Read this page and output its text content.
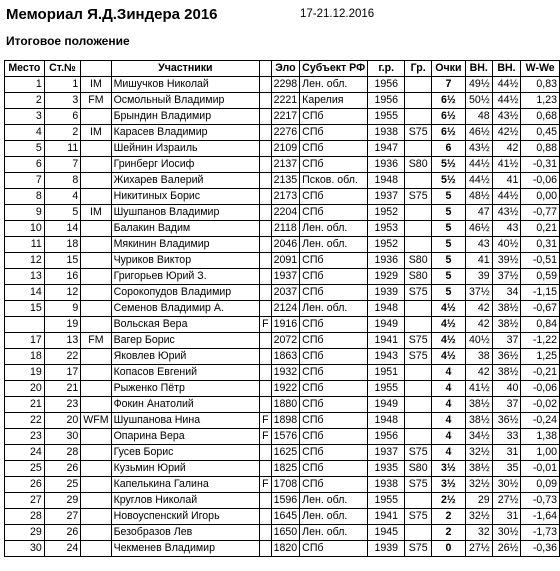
Мемориал Я.Д.Зиндера 2016	17-21.12.2016
Итоговое положение
Место	Ст.№		Участники		Эло	Субъект РФ	г.р.	Гр.	Очки	ВН.	ВН.	W-We
1	1	IM	Мишучков Николай		2298	Лен. обл.	1956		7	49½	44½	0,83
2	3	FM	Осмольный Владимир		2221	Карелия	1956		6½	50½	44½	1,23
3	6		Брындин Владимир		2217	СПб	1955		6½	48	43½	0,68
4	2	IM	Карасев Владимир		2276	СПб	1938	S75	6½	46½	42½	0,45
5	11		Шейнин Израиль		2109	СПб	1947		6	43½	42	0,88
6	7		Гринберг Иосиф		2137	СПб	1936	S80	5½	44½	41½	-0,31
7	8		Жихарев Валерий		2135	Псков. обл.	1948		5½	44½	41	-0,06
8	4		Никитиных Борис		2173	СПб	1937	S75	5	48½	44½	0,00
9	5	IM	Шушпанов Владимир		2204	СПб	1952		5	47	43½	-0,77
10	14		Балакин Вадим		2118	Лен. обл.	1953		5	46½	43	0,21
11	18		Мякинин Владимир		2046	Лен. обл.	1952		5	43	40½	0,31
12	15		Чуриков Виктор		2091	СПб	1936	S80	5	41	39½	-0,51
13	16		Григорьев Юрий З.		1937	СПб	1929	S80	5	39	37½	0,59
14	12		Сорокопудов Владимир		2037	СПб	1939	S75	5	37½	34	-1,15
15	9		Семенов Владимир А.		2124	Лен. обл.	1948		4½	42	38½	-0,67
	19		Вольская Вера	F	1916	СПб	1949		4½	42	38½	0,84
17	13	FM	Вагер Борис		2072	СПб	1941	S75	4½	40½	37	-1,22
18	22		Яковлев Юрий		1863	СПб	1943	S75	4½	38	36½	1,25
19	17		Копасов Евгений		1932	СПб	1951		4	42	38½	-0,21
20	21		Рыженко Пётр		1922	СПб	1955		4	41½	40	-0,06
21	23		Фокин Анатолий		1880	СПб	1949		4	38½	37	-0,02
22	20	WFM	Шушпанова Нина	F	1898	СПб	1948		4	38½	36½	-0,24
23	30		Опарина Вера	F	1576	СПб	1956		4	34½	33	1,38
24	28		Гусев Борис		1625	СПб	1937	S75	4	32½	31	1,00
25	26		Кузьмин Юрий		1825	СПб	1935	S80	3½	38½	35	-0,01
26	25		Капелькина Галина	F	1708	СПб	1938	S75	3½	32½	30½	0,09
27	29		Круглов Николай		1596	Лен. обл.	1955		2½	29	27½	-0,73
28	27		Новоуспенский Игорь		1645	Лен. обл.	1941	S75	2	32½	31	-1,64
29	26		Безобразов Лев		1650	Лен. обл.	1945		2	32	30½	-1,73
30	24		Чекменев Владимир		1820	СПб	1939	S75	0	27½	26½	-0,36
